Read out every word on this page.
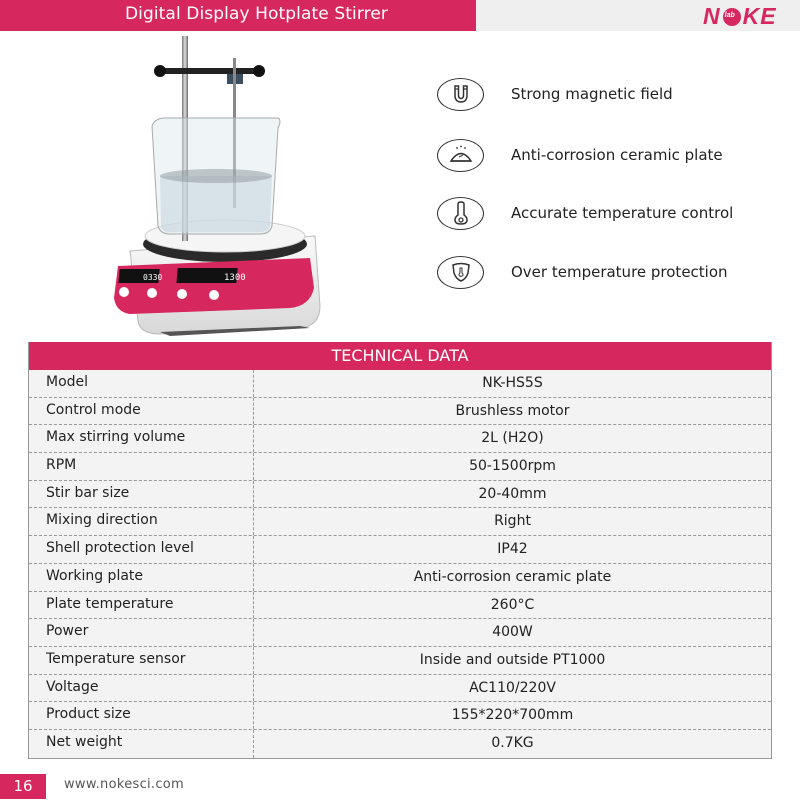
Digital Display Hotplate Stirrer	N lab KE
0330	1300
Strong magnetic field
Anti-corrosion ceramic plate
Accurate temperature control
Over temperature protection
TECHNICAL DATA
Model	NK-HS5S
Control mode	Brushless motor
Max stirring volume	2L (H2O)
RPM	50-1500rpm
Stir bar size	20-40mm
Mixing direction	Right
Shell protection level	IP42
Working plate	Anti-corrosion ceramic plate
Plate temperature	260°C
Power	400W
Temperature sensor	Inside and outside PT1000
Voltage	AC110/220V
Product size	155*220*700mm
Net weight	0.7KG
16	www.nokesci.com
